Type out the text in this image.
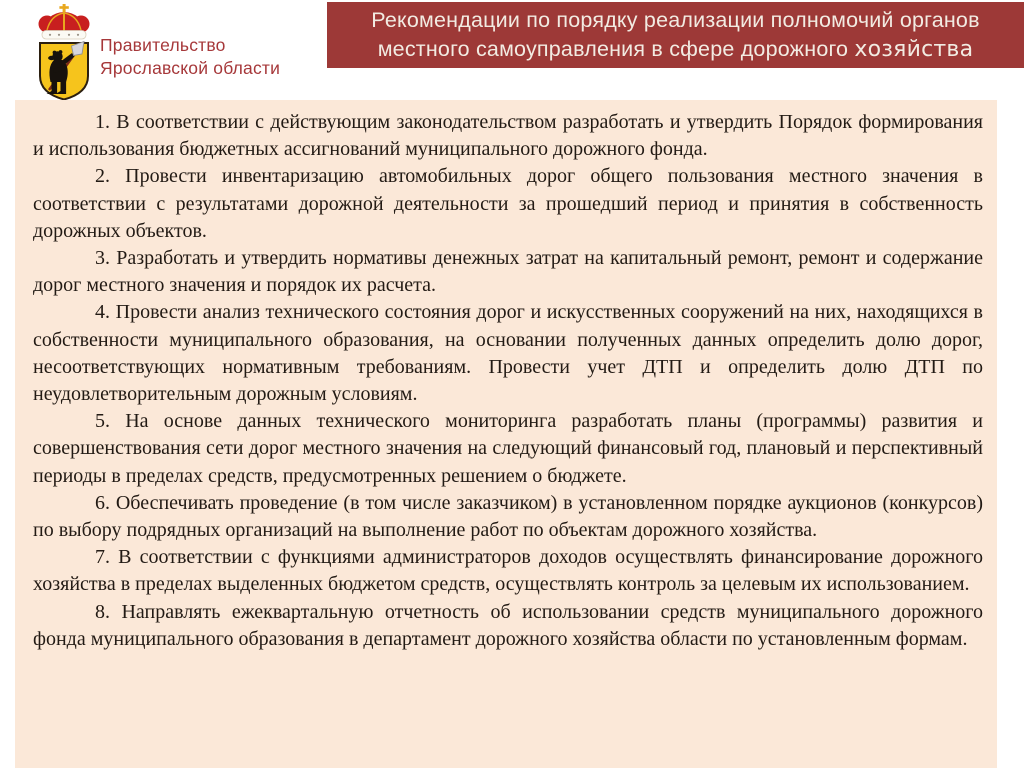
Правительство
Ярославской области
Рекомендации по порядку реализации полномочий органов
местного самоуправления в сфере дорожного хозяйства

1. В соответствии с действующим законодательством разработать и утвердить Порядок формирования и использования бюджетных ассигнований муниципального дорожного фонда.

2. Провести инвентаризацию автомобильных дорог общего пользования местного значения в соответствии с результатами дорожной деятельности за прошедший период и принятия в собственность дорожных объектов.

3. Разработать и утвердить нормативы денежных затрат на капитальный ремонт, ремонт и содержание дорог местного значения и порядок их расчета.

4. Провести анализ технического состояния дорог и искусственных сооружений на них, находящихся в собственности муниципального образования, на основании полученных данных определить долю дорог, несоответствующих нормативным требованиям. Провести учет ДТП и определить долю ДТП по неудовлетворительным дорожным условиям.

5. На основе данных технического мониторинга разработать планы (программы) развития и совершенствования сети дорог местного значения на следующий финансовый год, плановый и перспективный периоды в пределах средств, предусмотренных решением о бюджете.

6. Обеспечивать проведение (в том числе заказчиком) в установленном порядке аукционов (конкурсов) по выбору подрядных организаций на выполнение работ по объектам дорожного хозяйства.

7. В соответствии с функциями администраторов доходов осуществлять финансирование дорожного хозяйства в пределах выделенных бюджетом средств, осуществлять контроль за целевым их использованием.

8. Направлять ежеквартальную отчетность об использовании средств муниципального дорожного фонда муниципального образования в департамент дорожного хозяйства области по установленным формам.
